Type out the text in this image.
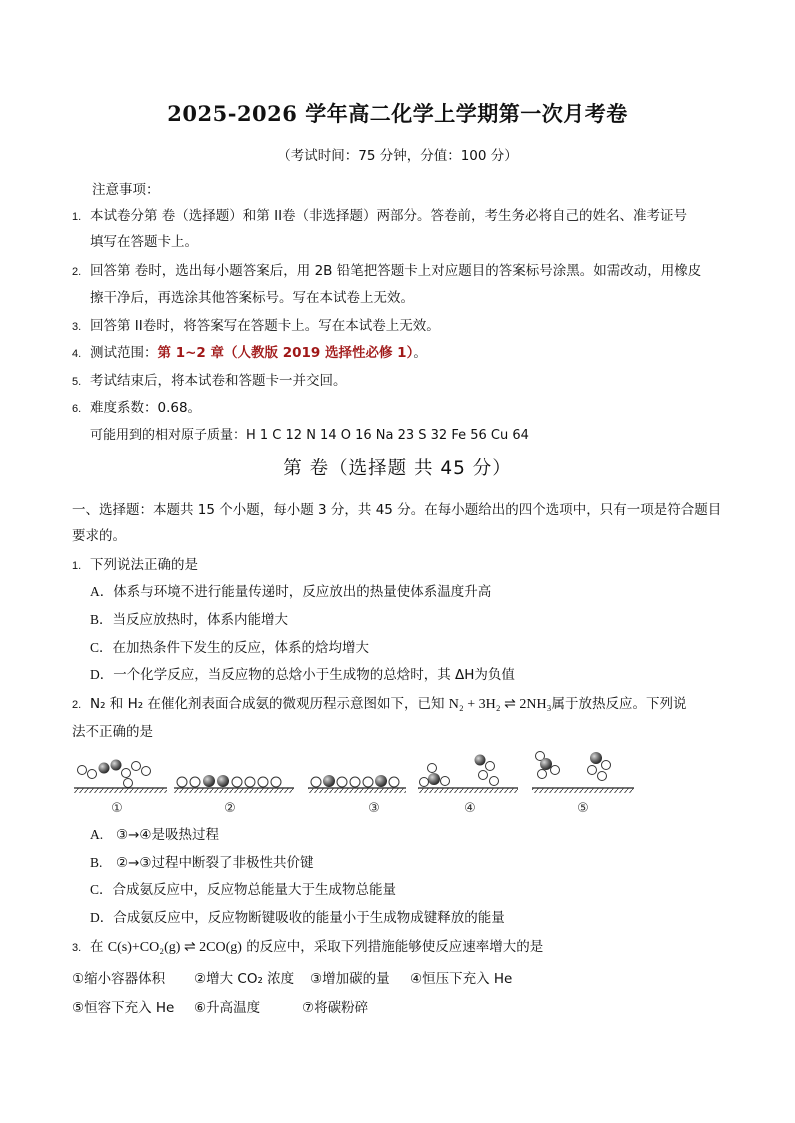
2025-2026 学年高二化学上学期第一次月考卷
（考试时间：75 分钟，分值：100 分）
注意事项：
1. 本试卷分第 卷（选择题）和第 II卷（非选择题）两部分。答卷前，考生务必将自己的姓名、准考证号
填写在答题卡上。
2. 回答第 卷时，选出每小题答案后，用 2B 铅笔把答题卡上对应题目的答案标号涂黑。如需改动，用橡皮
擦干净后，再选涂其他答案标号。写在本试卷上无效。
3. 回答第 II卷时，将答案写在答题卡上。写在本试卷上无效。
4. 测试范围：第 1~2 章（人教版 2019 选择性必修 1）。
5. 考试结束后，将本试卷和答题卡一并交回。
6. 难度系数：0.68。
可能用到的相对原子质量：H 1 C 12 N 14 O 16 Na 23 S 32 Fe 56 Cu 64
第 卷（选择题 共 45 分）
一、选择题：本题共 15 个小题，每小题 3 分，共 45 分。在每小题给出的四个选项中，只有一项是符合题目
要求的。
1. 下列说法正确的是
A．体系与环境不进行能量传递时，反应放出的热量使体系温度升高
B．当反应放热时，体系内能增大
C．在加热条件下发生的反应，体系的焓均增大
D．一个化学反应，当反应物的总焓小于生成物的总焓时，其 ΔH为负值
2. N₂ 和 H₂ 在催化剂表面合成氨的微观历程示意图如下，已知 N₂ + 3H₂ ⇌ 2NH₃属于放热反应。下列说
法不正确的是
①	②	③	④	⑤
A. ③→④是吸热过程
B. ②→③过程中断裂了非极性共价键
C．合成氨反应中，反应物总能量大于生成物总能量
D．合成氨反应中，反应物断键吸收的能量小于生成物成键释放的能量
3. 在 C(s)+CO₂(g) ⇌ 2CO(g) 的反应中，采取下列措施能够使反应速率增大的是
①缩小容器体积 ②增大 CO₂ 浓度 ③增加碳的量 ④恒压下充入 He
⑤恒容下充入 He ⑥升高温度	⑦将碳粉碎
